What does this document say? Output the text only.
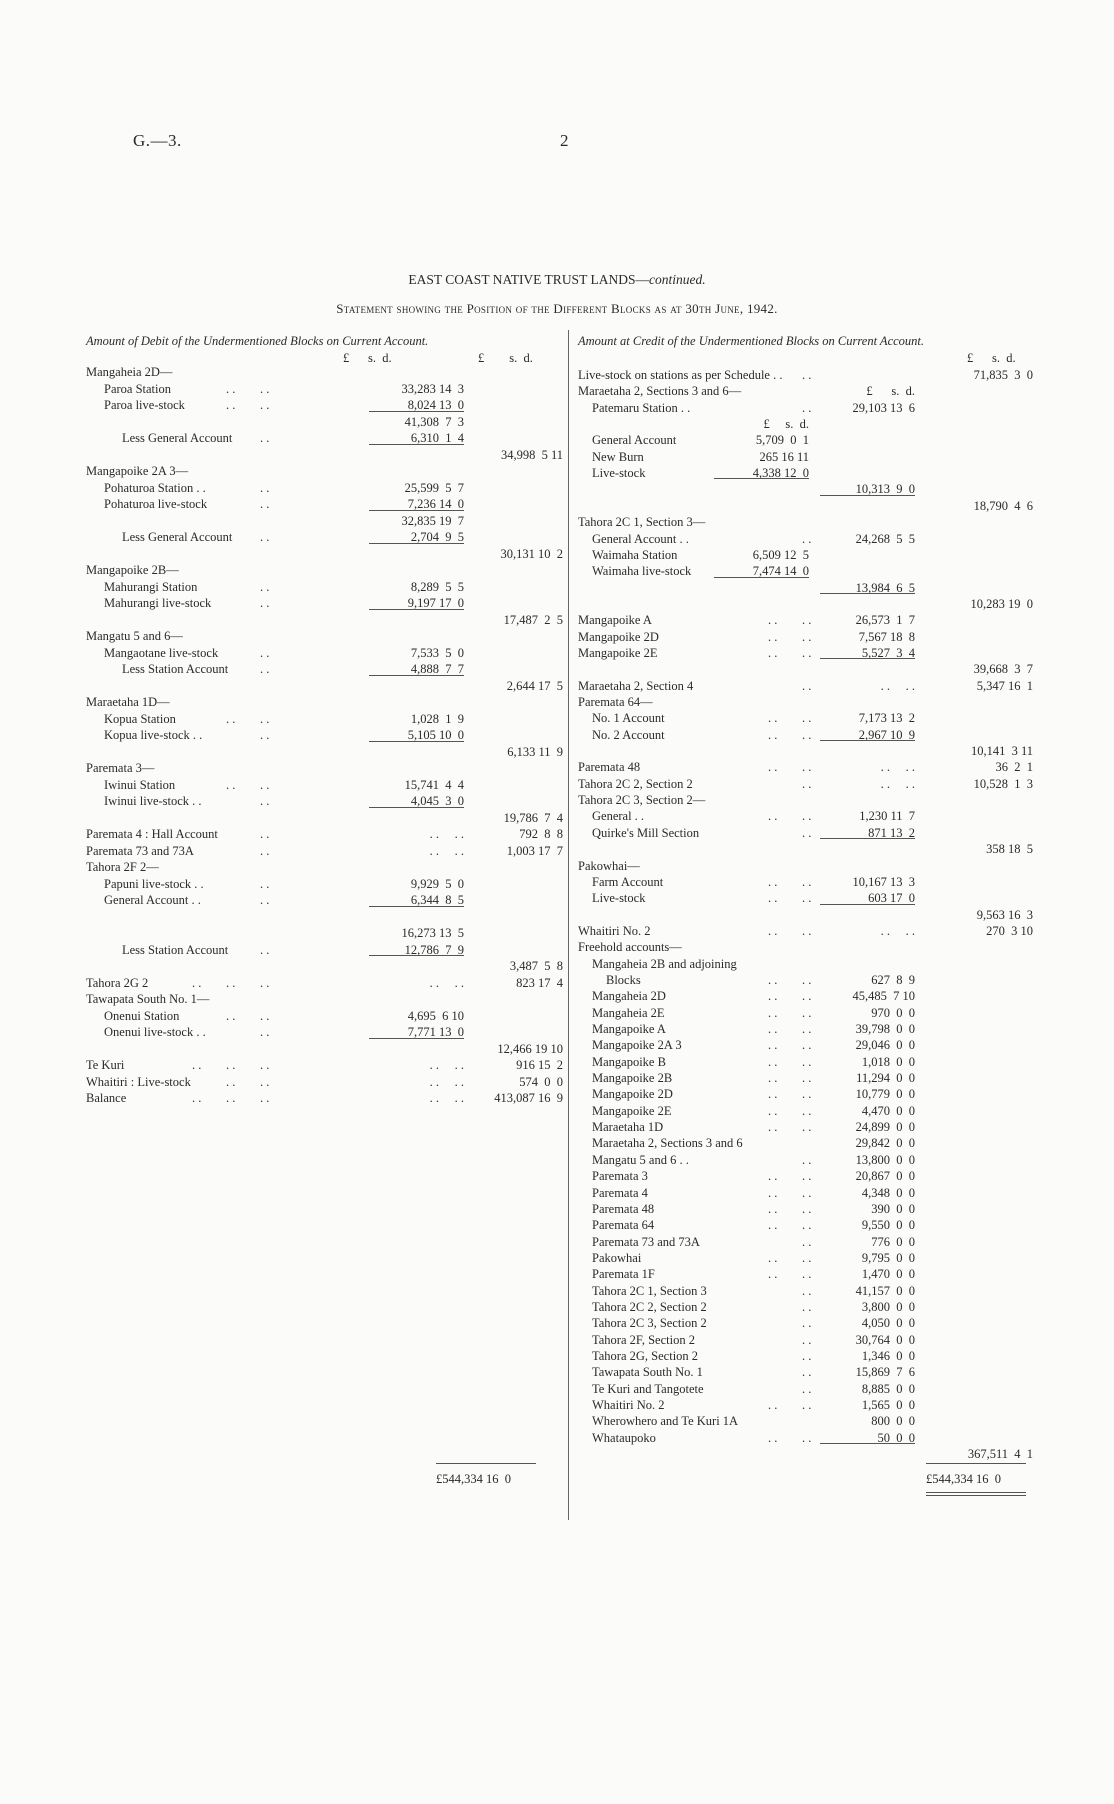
G.—3.	2
EAST COAST NATIVE TRUST LANDS—continued.
Statement showing the Position of the Different Blocks as at 30th June, 1942.
Amount of Debit of the Undermentioned Blocks on Current Account.	Amount at Credit of the Undermentioned Blocks on Current Account.
£      s.  d.	£        s.  d.	£      s.  d.
Mangaheia 2D—
Paroa Station	. . . .	33,283 14  3
Paroa live-stock	. . . .	8,024 13  0
41,308  7  3
Less General Account . .	6,310  1  4
34,998  5 11
Mangapoike 2A 3—
Pohaturoa Station . .	. .	25,599  5  7
Pohaturoa live-stock	. .	7,236 14  0
32,835 19  7
Less General Account . .	2,704  9  5
30,131 10  2
Mangapoike 2B—
Mahurangi Station	. .	8,289  5  5
Mahurangi live-stock	. .	9,197 17  0
17,487  2  5
Mangatu 5 and 6—
Mangaotane live-stock	. .	7,533  5  0
Less Station Account	. .	4,888  7  7
2,644 17  5
Maraetaha 1D—
Kopua Station	. . . .	1,028  1  9
Kopua live-stock . .	. .	5,105 10  0
6,133 11  9
Paremata 3—
Iwinui Station	. . . .	15,741  4  4
Iwinui live-stock . .	. .	4,045  3  0
19,786  7  4
Paremata 4 : Hall Account	. .	. .     . .	792  8  8
Paremata 73 and 73A	. .	. .     . .	1,003 17  7
Tahora 2F 2—
Papuni live-stock . .	. .	9,929  5  0
General Account . .	. .	6,344  8  5
16,273 13  5
Less Station Account	. .	12,786  7  9
3,487  5  8
Tahora 2G 2	. . . . . .	. .     . .	823 17  4
Tawapata South No. 1—
Onenui Station	. . . .	4,695  6 10
Onenui live-stock . .	. .	7,771 13  0
12,466 19 10
Te Kuri	. . . . . .	. .     . .	916 15  2
Whaitiri : Live-stock	. . . .	. .     . .	574  0  0
Balance	. . . . . .	. .     . .	413,087 16  9
Live-stock on stations as per Schedule . . . .	71,835  3  0
Maraetaha 2, Sections 3 and 6—	£      s.  d.
Patemaru Station . .	. .	29,103 13  6
£     s.  d.
General Account	5,709  0  1
New Burn	265 16 11
Live-stock	4,338 12  0
10,313  9  0
18,790  4  6
Tahora 2C 1, Section 3—
General Account . .	. .	24,268  5  5
Waimaha Station	6,509 12  5
Waimaha live-stock	7,474 14  0
13,984  6  5
10,283 19  0
Mangapoike A	. . . .	26,573  1  7
Mangapoike 2D	. . . .	7,567 18  8
Mangapoike 2E	. . . .	5,527  3  4
39,668  3  7
Maraetaha 2, Section 4	. .	. .     . .	5,347 16  1
Paremata 64—
No. 1 Account	. . . .	7,173 13  2
No. 2 Account	. . . .	2,967 10  9
10,141  3 11
Paremata 48	. . . .	. .     . .	36  2  1
Tahora 2C 2, Section 2	. .	. .     . .	10,528  1  3
Tahora 2C 3, Section 2—
General . .	. . . .	1,230 11  7
Quirke's Mill Section	. .	871 13  2
358 18  5
Pakowhai—
Farm Account	. . . .	10,167 13  3
Live-stock	. . . .	603 17  0
9,563 16  3
Whaitiri No. 2	. . . .	. .     . .	270  3 10
Freehold accounts—
Mangaheia 2B and adjoining
Blocks	. . . .	627  8  9
Mangaheia 2D	. . . .	45,485  7 10
Mangaheia 2E	. . . .	970  0  0
Mangapoike A	. . . .	39,798  0  0
Mangapoike 2A 3	. . . .	29,046  0  0
Mangapoike B	. . . .	1,018  0  0
Mangapoike 2B	. . . .	11,294  0  0
Mangapoike 2D	. . . .	10,779  0  0
Mangapoike 2E	. . . .	4,470  0  0
Maraetaha 1D	. . . .	24,899  0  0
Maraetaha 2, Sections 3 and 6	29,842  0  0
Mangatu 5 and 6 . .	. .	13,800  0  0
Paremata 3	. . . .	20,867  0  0
Paremata 4	. . . .	4,348  0  0
Paremata 48	. . . .	390  0  0
Paremata 64	. . . .	9,550  0  0
Paremata 73 and 73A	. .	776  0  0
Pakowhai	. . . .	9,795  0  0
Paremata 1F	. . . .	1,470  0  0
Tahora 2C 1, Section 3	. .	41,157  0  0
Tahora 2C 2, Section 2	. .	3,800  0  0
Tahora 2C 3, Section 2	. .	4,050  0  0
Tahora 2F, Section 2	. .	30,764  0  0
Tahora 2G, Section 2	. .	1,346  0  0
Tawapata South No. 1	. .	15,869  7  6
Te Kuri and Tangotete	. .	8,885  0  0
Whaitiri No. 2	. . . .	1,565  0  0
Wherowhero and Te Kuri 1A	800  0  0
Whataupoko	. . . .	50  0  0
367,511  4  1
£544,334 16  0	£544,334 16  0
